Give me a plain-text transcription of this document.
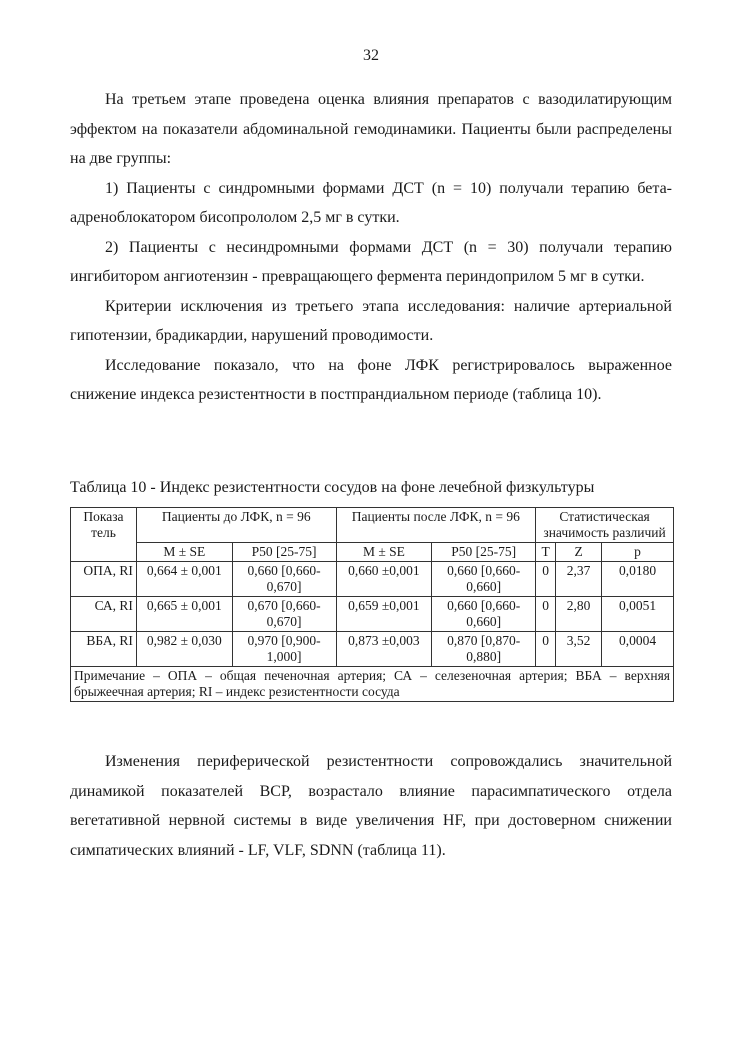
32

На третьем этапе проведена оценка влияния препаратов с вазодилатирующим эффектом на показатели абдоминальной гемодинамики. Пациенты были распределены на две группы:

1) Пациенты с синдромными формами ДСТ (n = 10) получали терапию бета-адреноблокатором бисопрололом 2,5 мг в сутки.

2) Пациенты с несиндромными формами ДСТ (n = 30) получали терапию ингибитором ангиотензин - превращающего фермента периндоприлом 5 мг в сутки.

Критерии исключения из третьего этапа исследования: наличие артериальной гипотензии, брадикардии, нарушений проводимости.

Исследование показало, что на фоне ЛФК регистрировалось выраженное снижение индекса резистентности в постпрандиальном периоде (таблица 10).

Таблица 10 - Индекс резистентности сосудов на фоне лечебной физкультуры
Показа тель	Пациенты до ЛФК, n = 96		Пациенты после ЛФК, n = 96		Статистическая значимость различий		
	M ± SE	P50 [25-75]	M ± SE	P50 [25-75]	T	Z	p
ОПА, RI	0,664 ± 0,001	0,660 [0,660-0,670]	0,660 ±0,001	0,660 [0,660-0,660]	0	2,37	0,0180
СА, RI	0,665 ± 0,001	0,670 [0,660-0,670]	0,659 ±0,001	0,660 [0,660-0,660]	0	2,80	0,0051
ВБА, RI	0,982 ± 0,030	0,970 [0,900-1,000]	0,873 ±0,003	0,870 [0,870-0,880]	0	3,52	0,0004
Примечание – ОПА – общая печеночная артерия; СА – селезеночная артерия; ВБА – верхняя брыжеечная артерия; RI – индекс резистентности сосуда							

Изменения периферической резистентности сопровождались значительной динамикой показателей ВСР, возрастало влияние парасимпатического отдела вегетативной нервной системы в виде увеличения HF, при достоверном снижении симпатических влияний - LF, VLF, SDNN (таблица 11).
